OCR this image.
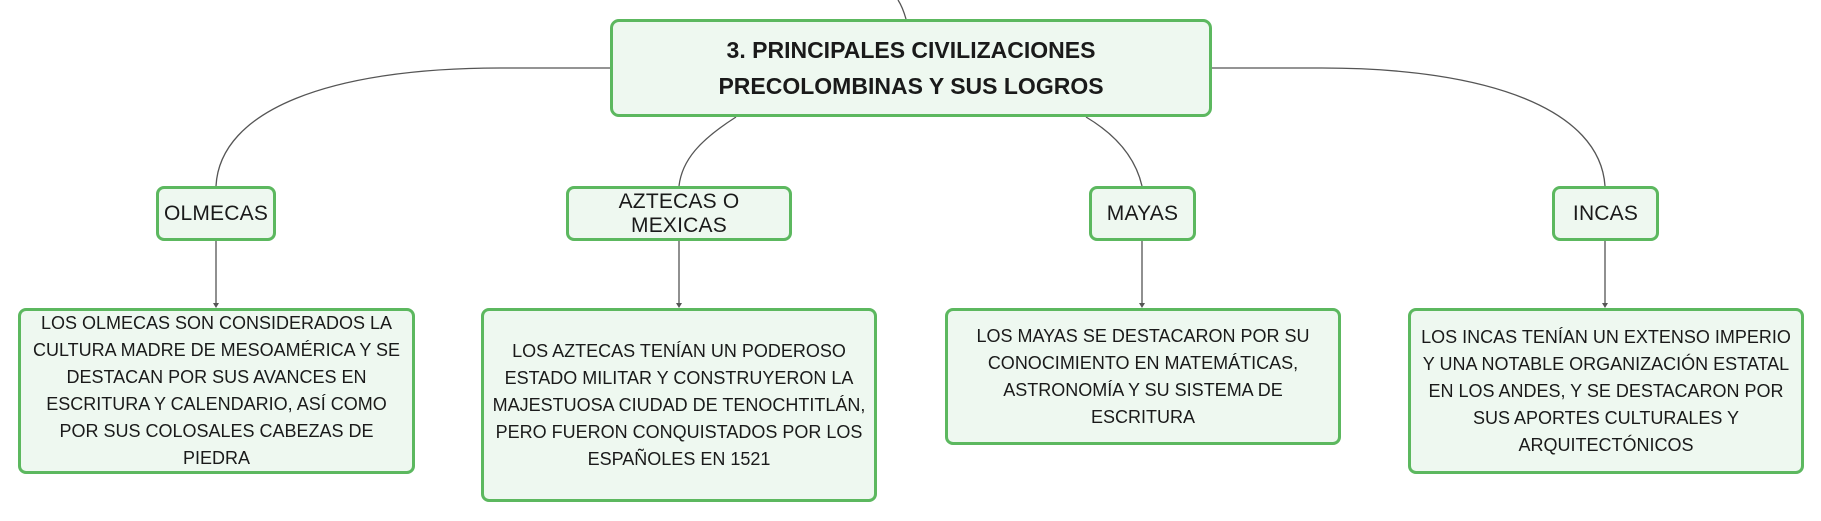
3. PRINCIPALES CIVILIZACIONES PRECOLOMBINAS Y SUS LOGROS
OLMECAS
AZTECAS O MEXICAS
MAYAS	INCAS
LOS OLMECAS SON CONSIDERADOS LA CULTURA MADRE DE MESOAMÉRICA Y SE DESTACAN POR SUS AVANCES EN ESCRITURA Y CALENDARIO, ASÍ COMO POR SUS COLOSALES CABEZAS DE PIEDRA
LOS AZTECAS TENÍAN UN PODEROSO ESTADO MILITAR Y CONSTRUYERON LA MAJESTUOSA CIUDAD DE TENOCHTITLÁN, PERO FUERON CONQUISTADOS POR LOS ESPAÑOLES EN 1521
LOS MAYAS SE DESTACARON POR SU CONOCIMIENTO EN MATEMÁTICAS, ASTRONOMÍA Y SU SISTEMA DE ESCRITURA
LOS INCAS TENÍAN UN EXTENSO IMPERIO Y UNA NOTABLE ORGANIZACIÓN ESTATAL EN LOS ANDES, Y SE DESTACARON POR SUS APORTES CULTURALES Y ARQUITECTÓNICOS
